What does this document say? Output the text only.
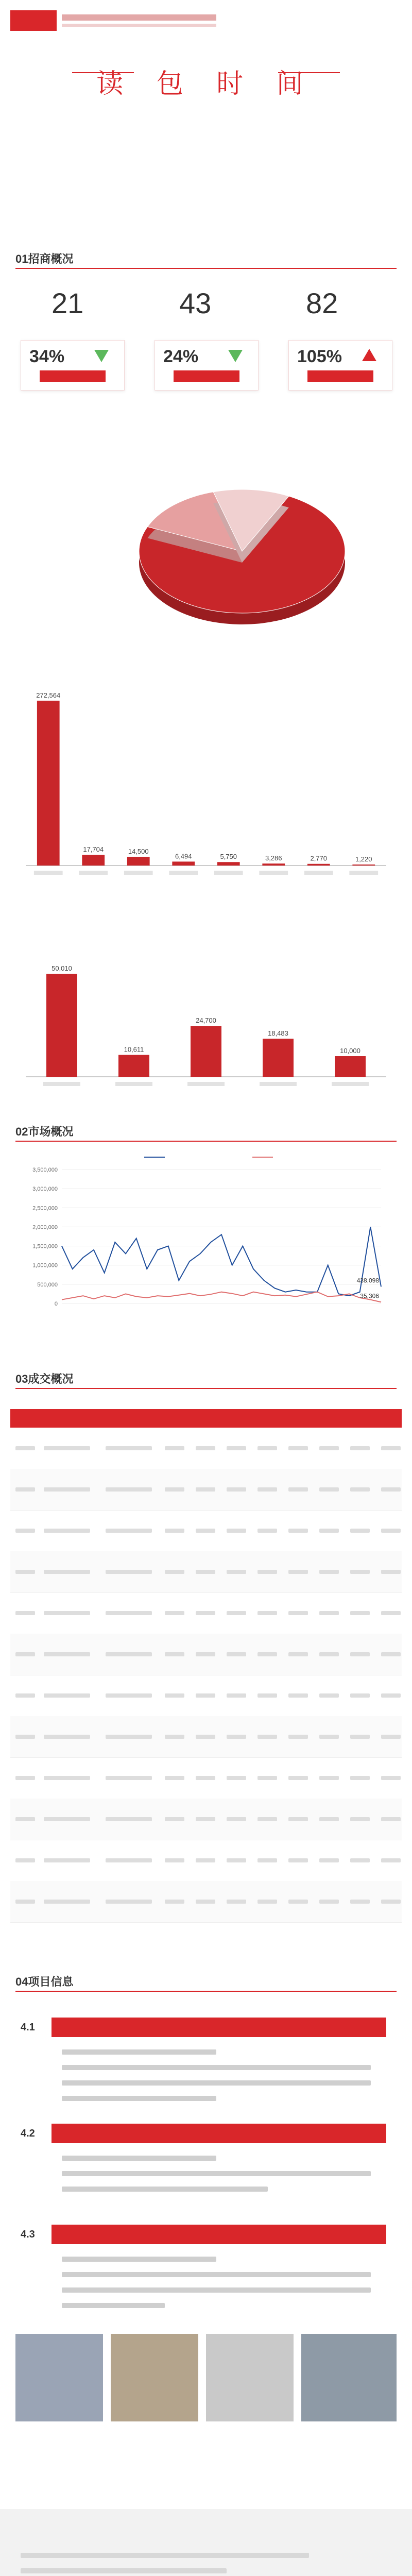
读 包 时 间
01招商概况
21	43	82
34%	24%	105%
272,564
17,704	14,500
6,494	5,750	3,286	2,770	1,220
50,010
10,611
24,700
18,483
10,000
02市场概况
3,500,000
3,000,000
2,500,000
2,000,000
1,500,000
1,000,000
500,000
0
438,098
35,306
03成交概况
04项目信息
4.1
4.2
4.3
